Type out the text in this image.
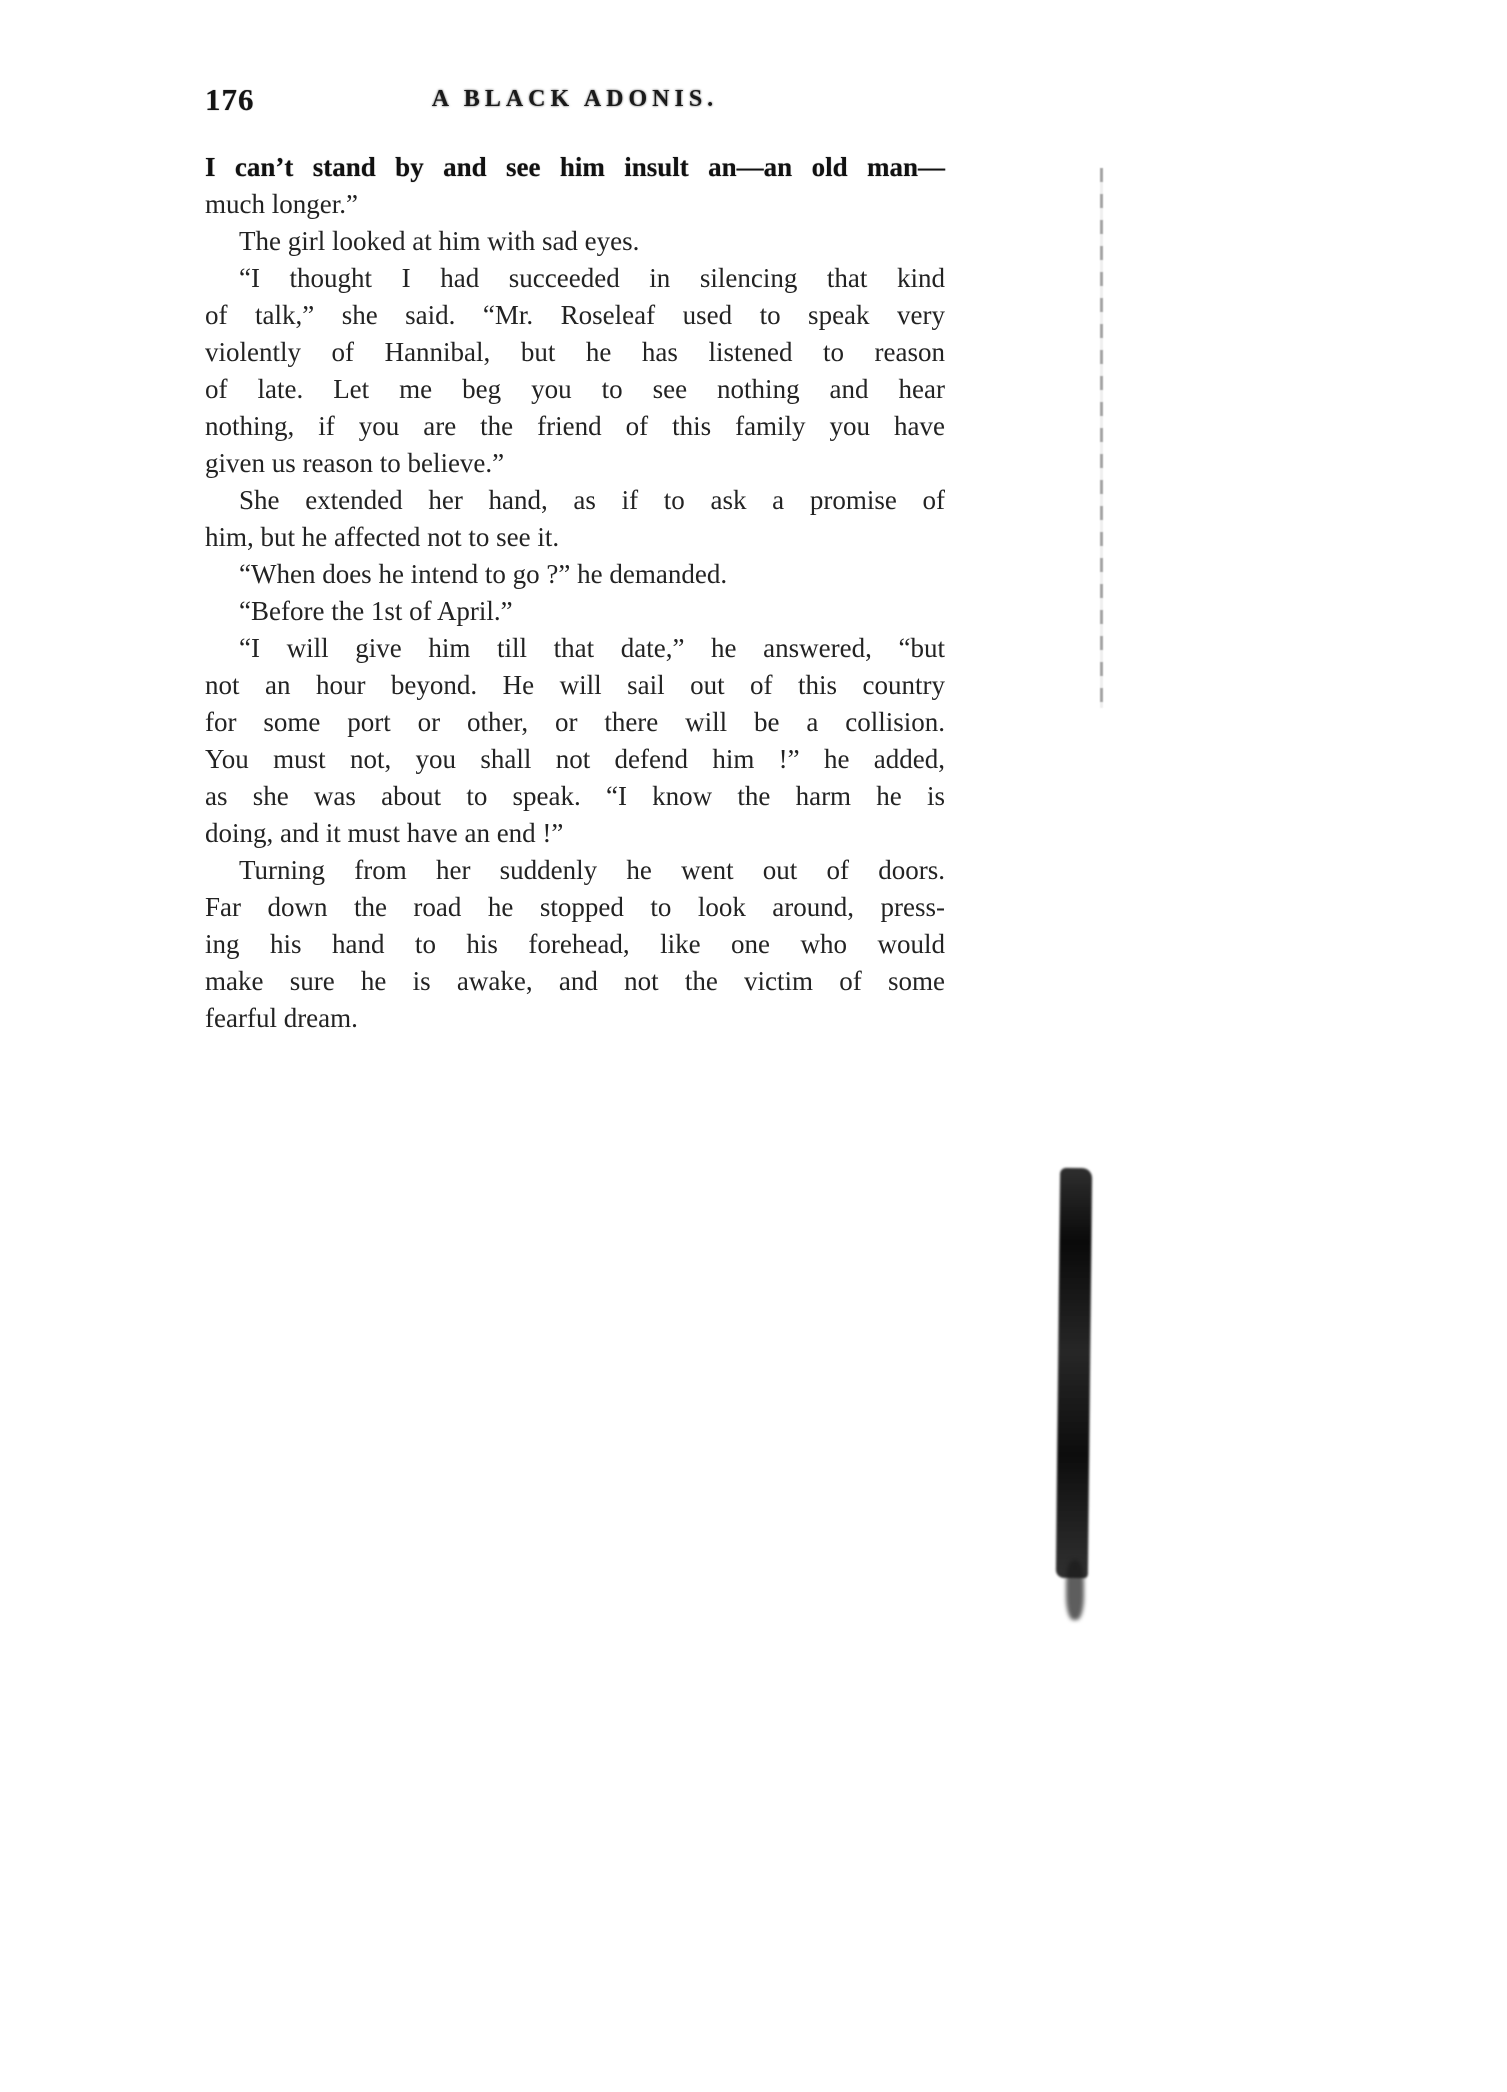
176	A BLACK ADONIS.
I can’t stand by and see him insult an—an old man—
much longer.”
The girl looked at him with sad eyes.
“I thought I had succeeded in silencing that kind
of talk,” she said. “Mr. Roseleaf used to speak very
violently of Hannibal, but he has listened to reason
of late. Let me beg you to see nothing and hear
nothing, if you are the friend of this family you have
given us reason to believe.”
She extended her hand, as if to ask a promise of
him, but he affected not to see it.
“When does he intend to go ?” he demanded.
“Before the 1st of April.”
“I will give him till that date,” he answered, “but
not an hour beyond. He will sail out of this country
for some port or other, or there will be a collision.
You must not, you shall not defend him !” he added,
as she was about to speak. “I know the harm he is
doing, and it must have an end !”
Turning from her suddenly he went out of doors.
Far down the road he stopped to look around, press-
ing his hand to his forehead, like one who would
make sure he is awake, and not the victim of some
fearful dream.
